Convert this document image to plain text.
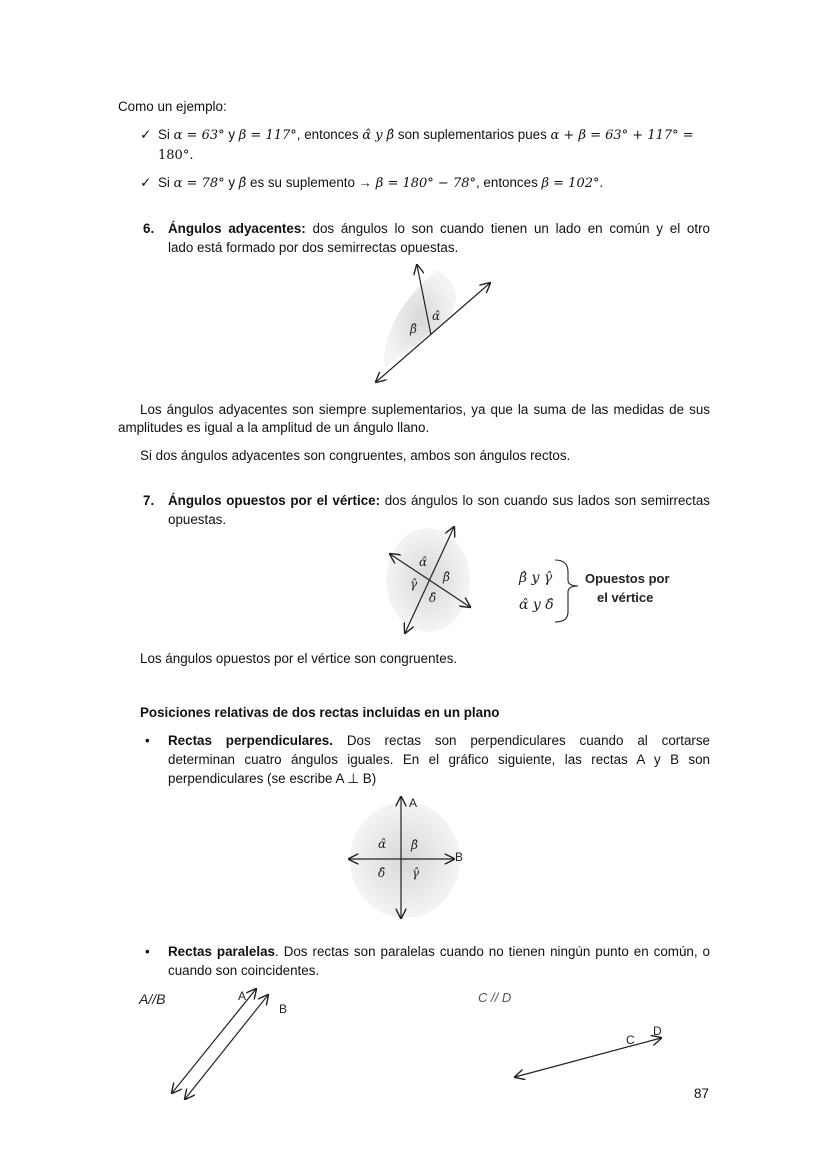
Como un ejemplo:
✓ Si α = 63° y β = 117°, entonces α̂ y β̂ son suplementarios pues α + β = 63° + 117° =
180°.
✓ Si α = 78° y β̂ es su suplemento → β = 180° − 78°, entonces β = 102°.
6. Ángulos adyacentes: dos ángulos lo son cuando tienen un lado en común y el otro
lado está formado por dos semirrectas opuestas.
α̂
β̂
Los ángulos adyacentes son siempre suplementarios, ya que la suma de las medidas de sus
amplitudes es igual a la amplitud de un ángulo llano.
Si dos ángulos adyacentes son congruentes, ambos son ángulos rectos.
7. Ángulos opuestos por el vértice: dos ángulos lo son cuando sus lados son semirrectas
opuestas.
α̂
β̂
γ̂
δ̂
β̂ y γ̂
α̂ y δ̂
Opuestos por
el vértice
Los ángulos opuestos por el vértice son congruentes.
Posiciones relativas de dos rectas incluidas en un plano
• Rectas perpendiculares. Dos rectas son perpendiculares cuando al cortarse
determinan cuatro ángulos iguales. En el gráfico siguiente, las rectas A y B son
perpendiculares (se escribe A ⊥ B)
A
B
α̂ β̂
γ̂
δ̂
• Rectas paralelas. Dos rectas son paralelas cuando no tienen ningún punto en común, o
cuando son coincidentes.
A//B	A
B
C // D
C
D
87
